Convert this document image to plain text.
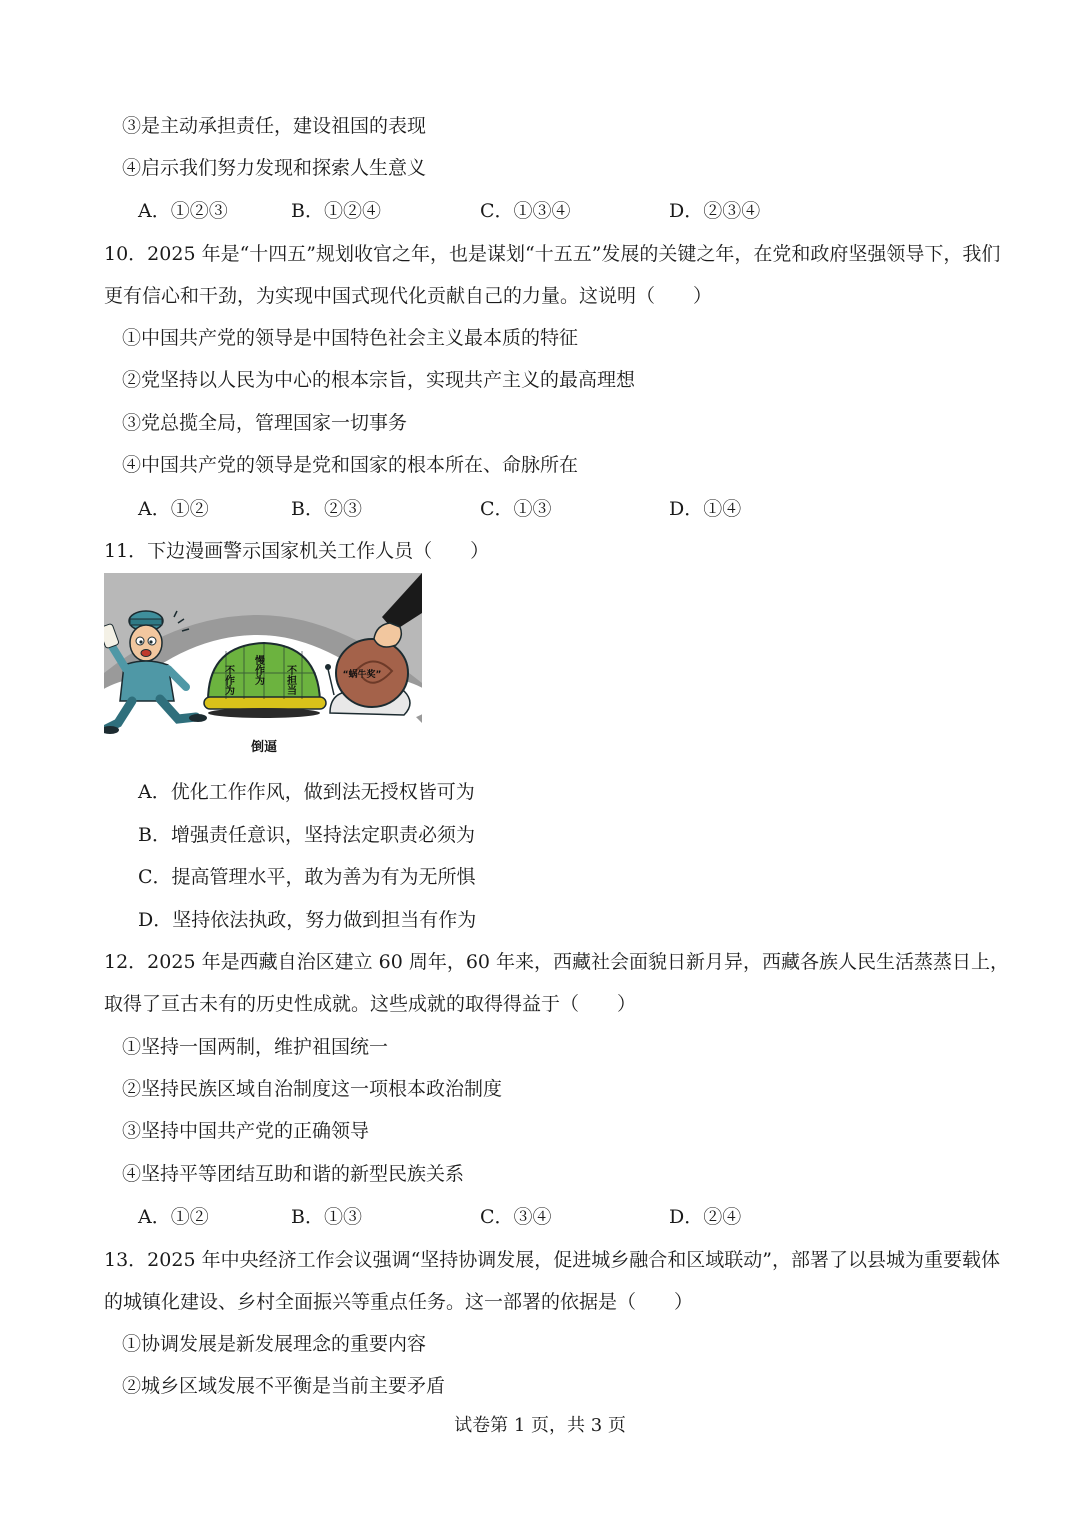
③是主动承担责任，建设祖国的表现
④启示我们努力发现和探索人生意义
A．①②③	B．①②④	C．①③④	D．②③④
10．2025 年是“十四五”规划收官之年，也是谋划“十五五”发展的关键之年，在党和政府坚强领导下，我们
更有信心和干劲，为实现中国式现代化贡献自己的力量。这说明（　　）
①中国共产党的领导是中国特色社会主义最本质的特征
②党坚持以人民为中心的根本宗旨，实现共产主义的最高理想
③党总揽全局，管理国家一切事务
④中国共产党的领导是党和国家的根本所在、命脉所在
A．①②	B．②③	C．①③	D．①④
11．下边漫画警示国家机关工作人员（　　）
不作为 慢作为 不担当
倒逼
“蜗牛奖”
A．优化工作作风，做到法无授权皆可为
B．增强责任意识，坚持法定职责必须为
C．提高管理水平，敢为善为有为无所惧
D．坚持依法执政，努力做到担当有作为
12．2025 年是西藏自治区建立 60 周年，60 年来，西藏社会面貌日新月异，西藏各族人民生活蒸蒸日上，
取得了亘古未有的历史性成就。这些成就的取得得益于（　　）
①坚持一国两制，维护祖国统一
②坚持民族区域自治制度这一项根本政治制度
③坚持中国共产党的正确领导
④坚持平等团结互助和谐的新型民族关系
A．①②	B．①③	C．③④	D．②④
13．2025 年中央经济工作会议强调“坚持协调发展，促进城乡融合和区域联动”，部署了以县城为重要载体
的城镇化建设、乡村全面振兴等重点任务。这一部署的依据是（　　）
①协调发展是新发展理念的重要内容
②城乡区域发展不平衡是当前主要矛盾
试卷第 1 页，共 3 页
